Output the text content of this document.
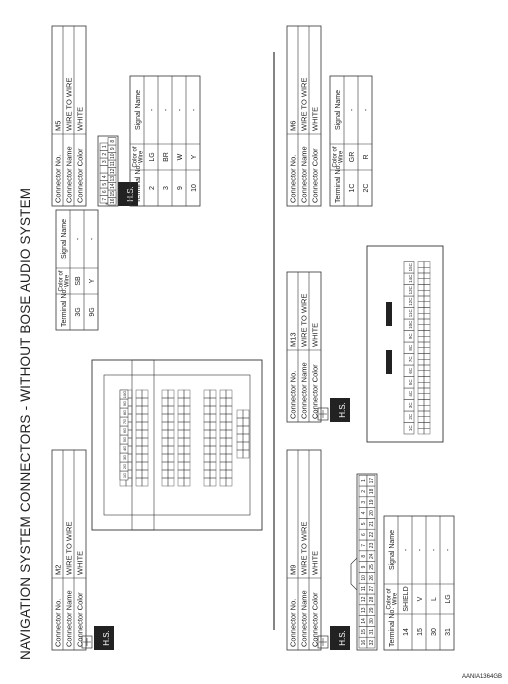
NAVIGATION SYSTEM CONNECTORS - WITHOUT BOSE AUDIO SYSTEM	Connector No.
M2
Connector Name
WIRE TO WIRE
Connector Color
WHITE
H.S.
1G
2G
3G
4G
5G
6G
7G
8G
9G
10G
Terminal No.
Color of Wire
Signal Name
3G
SB
-
9G
Y
-
Connector No.
M5
Connector Name
WIRE TO WIRE
Connector Color
WHITE
H.S.
7
6
5
4
3
2
1
16
15
14
13
12
11
10
9
8
Terminal No.
Color of Wire
Signal Name
2
LG
-
3
BR
-
9
W
-
10
Y
-
Connector No.
M9
Connector Name
WIRE TO WIRE
Connector Color
WHITE
H.S.	16
15
14
13
12
11
10
9
8
7
6
5
4
3
2
1
32
31
30
29
28
27
26
25
24
23
22
21
20
19
18
17
Terminal No.
Color of Wire
Signal Name
14
SHIELD
-
15
V
-
30
L
-
31
LG
-
Connector No.
M13
Connector Name
WIRE TO WIRE
Connector Color
WHITE
H.S.
1C
2C
3C
4C
5C
6C
7C
8C
9C
10C
11C
12C
13C
14C
15C
Connector No.
M6
Connector Name
WIRE TO WIRE
Connector Color
WHITE
Terminal No.
Color of Wire
Signal Name
1C
GR
-
2C
R
-
AANIA1364GB
